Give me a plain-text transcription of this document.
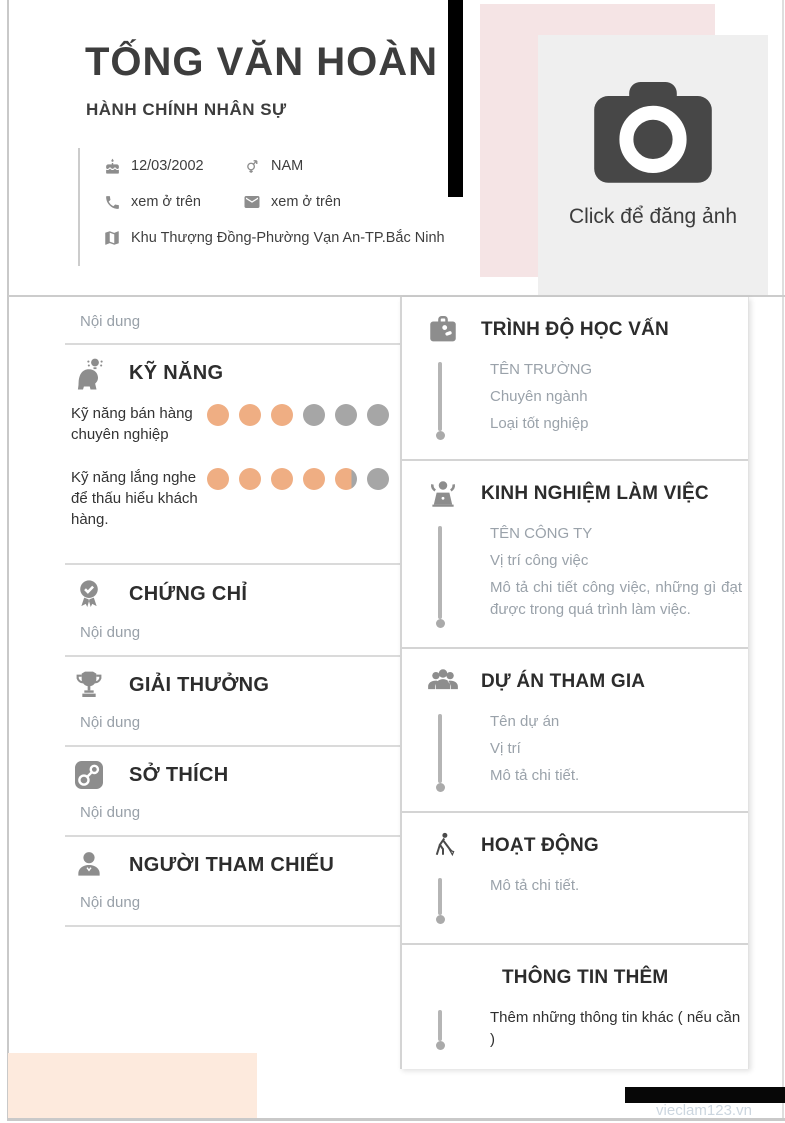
Click để đăng ảnh
TỐNG VĂN HOÀN
HÀNH CHÍNH NHÂN SỰ
12/03/2002	NAM
xem ở trên	xem ở trên
Khu Thượng Đồng-Phường Vạn An-TP.Bắc Ninh
Nội dung
KỸ NĂNG
Kỹ năng bán hàng chuyên nghiệp
Kỹ năng lắng nghe để thấu hiểu khách hàng.
CHỨNG CHỈ
Nội dung
GIẢI THƯỞNG
Nội dung
SỞ THÍCH
Nội dung
NGƯỜI THAM CHIẾU
Nội dung
TRÌNH ĐỘ HỌC VẤN

TÊN TRƯỜNG

Chuyên ngành

Loại tốt nghiệp

KINH NGHIỆM LÀM VIỆC

TÊN CÔNG TY

Vị trí công việc

Mô tả chi tiết công việc, những gì đạt được trong quá trình làm việc.

DỰ ÁN THAM GIA

Tên dự án

Vị trí

Mô tả chi tiết.

HOẠT ĐỘNG

Mô tả chi tiết.

THÔNG TIN THÊM

Thêm những thông tin khác ( nếu cần )

vieclam123.vn
